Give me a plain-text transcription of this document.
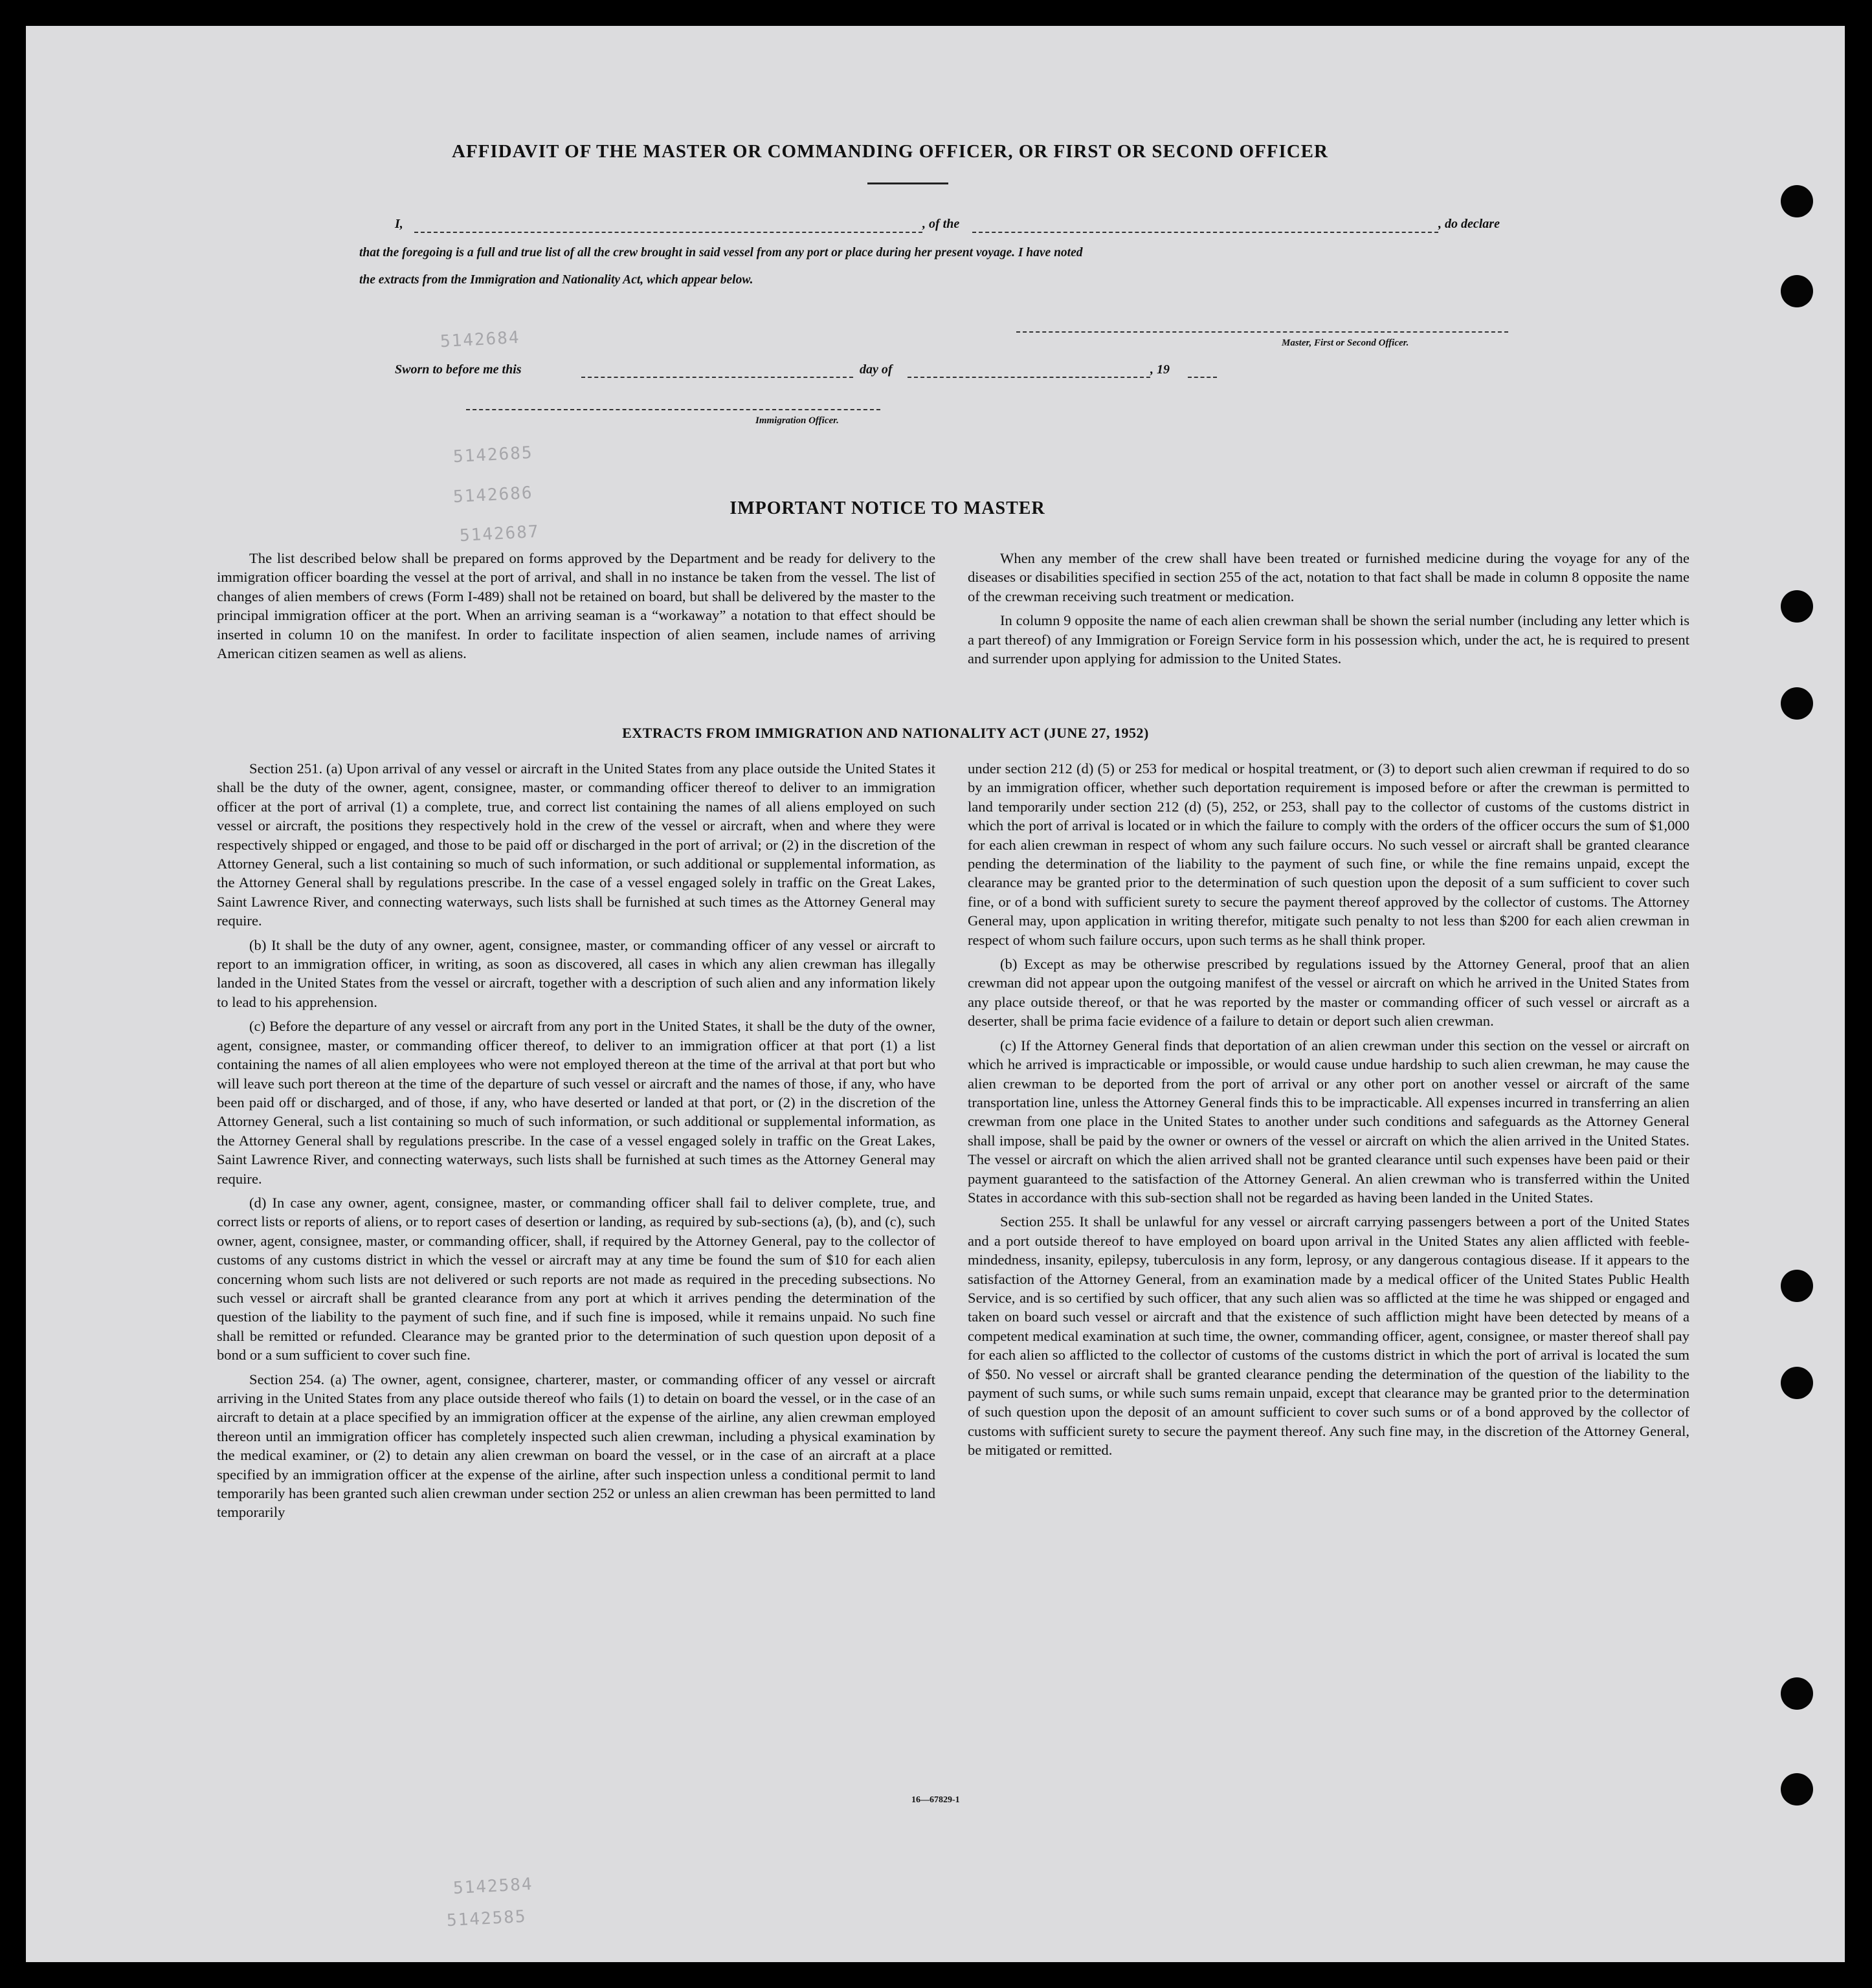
5142684
5142685
5142686
5142687
5142585
5142584
AFFIDAVIT OF THE MASTER OR COMMANDING OFFICER, OR FIRST OR SECOND OFFICER
I,	, of the	, do declare
that the foregoing is a full and true list of all the crew brought in said vessel from any port or place during her present voyage. I have noted
the extracts from the Immigration and Nationality Act, which appear below.
Master, First or Second Officer.
Sworn to before me this	day of	, 19
Immigration Officer.
IMPORTANT NOTICE TO MASTER

The list described below shall be prepared on forms approved by the Department and be ready for delivery to the immigration officer boarding the vessel at the port of arrival, and shall in no instance be taken from the vessel. The list of changes of alien members of crews (Form I-489) shall not be retained on board, but shall be delivered by the master to the principal immigration officer at the port. When an arriving seaman is a “workaway” a notation to that effect should be inserted in column 10 on the manifest. In order to facilitate inspection of alien seamen, include names of arriving American citizen seamen as well as aliens.

When any member of the crew shall have been treated or furnished medicine during the voyage for any of the diseases or disabilities specified in section 255 of the act, notation to that fact shall be made in column 8 opposite the name of the crewman receiving such treatment or medication.

In column 9 opposite the name of each alien crewman shall be shown the serial number (including any letter which is a part thereof) of any Immigration or Foreign Service form in his possession which, under the act, he is required to present and surrender upon applying for admission to the United States.

EXTRACTS FROM IMMIGRATION AND NATIONALITY ACT (JUNE 27, 1952)

Section 251. (a) Upon arrival of any vessel or aircraft in the United States from any place outside the United States it shall be the duty of the owner, agent, consignee, master, or commanding officer thereof to deliver to an immigration officer at the port of arrival (1) a complete, true, and correct list containing the names of all aliens employed on such vessel or aircraft, the positions they respectively hold in the crew of the vessel or aircraft, when and where they were respectively shipped or engaged, and those to be paid off or discharged in the port of arrival; or (2) in the discretion of the Attorney General, such a list containing so much of such information, or such additional or supplemental information, as the Attorney General shall by regulations prescribe. In the case of a vessel engaged solely in traffic on the Great Lakes, Saint Lawrence River, and connecting waterways, such lists shall be furnished at such times as the Attorney General may require.

(b) It shall be the duty of any owner, agent, consignee, master, or commanding officer of any vessel or aircraft to report to an immigration officer, in writing, as soon as discovered, all cases in which any alien crewman has illegally landed in the United States from the vessel or aircraft, together with a description of such alien and any information likely to lead to his apprehension.

(c) Before the departure of any vessel or aircraft from any port in the United States, it shall be the duty of the owner, agent, consignee, master, or commanding officer thereof, to deliver to an immigration officer at that port (1) a list containing the names of all alien employees who were not employed thereon at the time of the arrival at that port but who will leave such port thereon at the time of the departure of such vessel or aircraft and the names of those, if any, who have been paid off or discharged, and of those, if any, who have deserted or landed at that port, or (2) in the discretion of the Attorney General, such a list containing so much of such information, or such additional or supplemental information, as the Attorney General shall by regulations prescribe. In the case of a vessel engaged solely in traffic on the Great Lakes, Saint Lawrence River, and connecting waterways, such lists shall be furnished at such times as the Attorney General may require.

(d) In case any owner, agent, consignee, master, or commanding officer shall fail to deliver complete, true, and correct lists or reports of aliens, or to report cases of desertion or landing, as required by sub-sections (a), (b), and (c), such owner, agent, consignee, master, or commanding officer, shall, if required by the Attorney General, pay to the collector of customs of any customs district in which the vessel or aircraft may at any time be found the sum of $10 for each alien concerning whom such lists are not delivered or such reports are not made as required in the preceding subsections. No such vessel or aircraft shall be granted clearance from any port at which it arrives pending the determination of the question of the liability to the payment of such fine, and if such fine is imposed, while it remains unpaid. No such fine shall be remitted or refunded. Clearance may be granted prior to the determination of such question upon deposit of a bond or a sum sufficient to cover such fine.

Section 254. (a) The owner, agent, consignee, charterer, master, or commanding officer of any vessel or aircraft arriving in the United States from any place outside thereof who fails (1) to detain on board the vessel, or in the case of an aircraft to detain at a place specified by an immigration officer at the expense of the airline, any alien crewman employed thereon until an immigration officer has completely inspected such alien crewman, including a physical examination by the medical examiner, or (2) to detain any alien crewman on board the vessel, or in the case of an aircraft at a place specified by an immigration officer at the expense of the airline, after such inspection unless a conditional permit to land temporarily has been granted such alien crewman under section 252 or unless an alien crewman has been permitted to land temporarily

under section 212 (d) (5) or 253 for medical or hospital treatment, or (3) to deport such alien crewman if required to do so by an immigration officer, whether such deportation requirement is imposed before or after the crewman is permitted to land temporarily under section 212 (d) (5), 252, or 253, shall pay to the collector of customs of the customs district in which the port of arrival is located or in which the failure to comply with the orders of the officer occurs the sum of $1,000 for each alien crewman in respect of whom any such failure occurs. No such vessel or aircraft shall be granted clearance pending the determination of the liability to the payment of such fine, or while the fine remains unpaid, except the clearance may be granted prior to the determination of such question upon the deposit of a sum sufficient to cover such fine, or of a bond with sufficient surety to secure the payment thereof approved by the collector of customs. The Attorney General may, upon application in writing therefor, mitigate such penalty to not less than $200 for each alien crewman in respect of whom such failure occurs, upon such terms as he shall think proper.

(b) Except as may be otherwise prescribed by regulations issued by the Attorney General, proof that an alien crewman did not appear upon the outgoing manifest of the vessel or aircraft on which he arrived in the United States from any place outside thereof, or that he was reported by the master or commanding officer of such vessel or aircraft as a deserter, shall be prima facie evidence of a failure to detain or deport such alien crewman.

(c) If the Attorney General finds that deportation of an alien crewman under this section on the vessel or aircraft on which he arrived is impracticable or impossible, or would cause undue hardship to such alien crewman, he may cause the alien crewman to be deported from the port of arrival or any other port on another vessel or aircraft of the same transportation line, unless the Attorney General finds this to be impracticable. All expenses incurred in transferring an alien crewman from one place in the United States to another under such conditions and safeguards as the Attorney General shall impose, shall be paid by the owner or owners of the vessel or aircraft on which the alien arrived in the United States. The vessel or aircraft on which the alien arrived shall not be granted clearance until such expenses have been paid or their payment guaranteed to the satisfaction of the Attorney General. An alien crewman who is transferred within the United States in accordance with this sub-section shall not be regarded as having been landed in the United States.

Section 255. It shall be unlawful for any vessel or aircraft carrying passengers between a port of the United States and a port outside thereof to have employed on board upon arrival in the United States any alien afflicted with feeble-mindedness, insanity, epilepsy, tuberculosis in any form, leprosy, or any dangerous contagious disease. If it appears to the satisfaction of the Attorney General, from an examination made by a medical officer of the United States Public Health Service, and is so certified by such officer, that any such alien was so afflicted at the time he was shipped or engaged and taken on board such vessel or aircraft and that the existence of such affliction might have been detected by means of a competent medical examination at such time, the owner, commanding officer, agent, consignee, or master thereof shall pay for each alien so afflicted to the collector of customs of the customs district in which the port of arrival is located the sum of $50. No vessel or aircraft shall be granted clearance pending the determination of the question of the liability to the payment of such sums, or while such sums remain unpaid, except that clearance may be granted prior to the determination of such question upon the deposit of an amount sufficient to cover such sums or of a bond approved by the collector of customs with sufficient surety to secure the payment thereof. Any such fine may, in the discretion of the Attorney General, be mitigated or remitted.

16—67829-1
